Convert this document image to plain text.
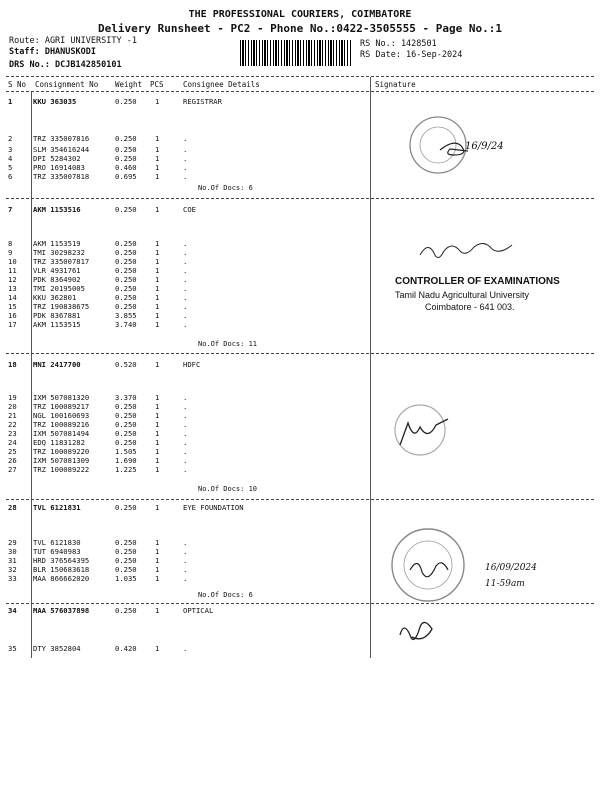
THE PROFESSIONAL COURIERS, COIMBATORE
Delivery Runsheet - PC2 - Phone No.:0422-3505555 - Page No.:1
Route: AGRI UNIVERSITY -1
Staff: DHANUSKODI
DRS No.: DCJB142850101
RS No.: 1428501
RS Date: 16-Sep-2024
S No Consignment No Weight PCS	Consignee Details	Signature
1	KKU 363035	0.250	1	REGISTRAR
2	TRZ 335007816	0.250	1	.
3	SLM 354616244	0.250	1	.
4	DPI 5284302	0.250	1	.
5	PRO 16914083	0.460	1	.
6	TRZ 335007818	0.695	1	.
No.Of Docs: 6
7	AKM 1153516	0.250	1	COE
8	AKM 1153519	0.250	1	.
9	TMI 30298232	0.250	1	.
10 TRZ 335007817	0.250	1	.
11 VLR 4931761	0.250	1	.
12 PDK 8364902	0.250	1	.
13 TMI 20195005	0.250	1	.
14 KKU 362801	0.250	1	.
15 TRZ 190838675	0.250	1	.
16 PDK 8367881	3.855	1	.
17 AKM 1153515	3.740	1	.
No.Of Docs: 11
18 MNI 2417700	0.520	1	HDFC
19 IXM 507081320	3.370	1	.
20 TRZ 100089217	0.250	1	.
21 NGL 100160693	0.250	1	.
22 TRZ 100089216	0.250	1	.
23 IXM 507081494	0.250	1	.
24 EDQ 11831282	0.250	1	.
25 TRZ 100089220	1.505	1	.
26 IXM 507081309	1.690	1	.
27 TRZ 100089222	1.225	1	.
No.Of Docs: 10
28 TVL 6121831	0.250	1	EYE FOUNDATION
29 TVL 6121830	0.250	1	.
30 TUT 6940983	0.250	1	.
31 HRD 376564395	0.250	1	.
32 BLR 150683618	0.250	1	.
33 MAA 866662020	1.035	1	.
No.Of Docs: 6
34 MAA 576037898	0.250	1	OPTICAL
35 DTY 3852804	0.420	1	.
16/9/24
CONTROLLER OF EXAMINATIONS
Tamil Nadu Agricultural University
Coimbatore - 641 003.
16/09/2024
11-59am
